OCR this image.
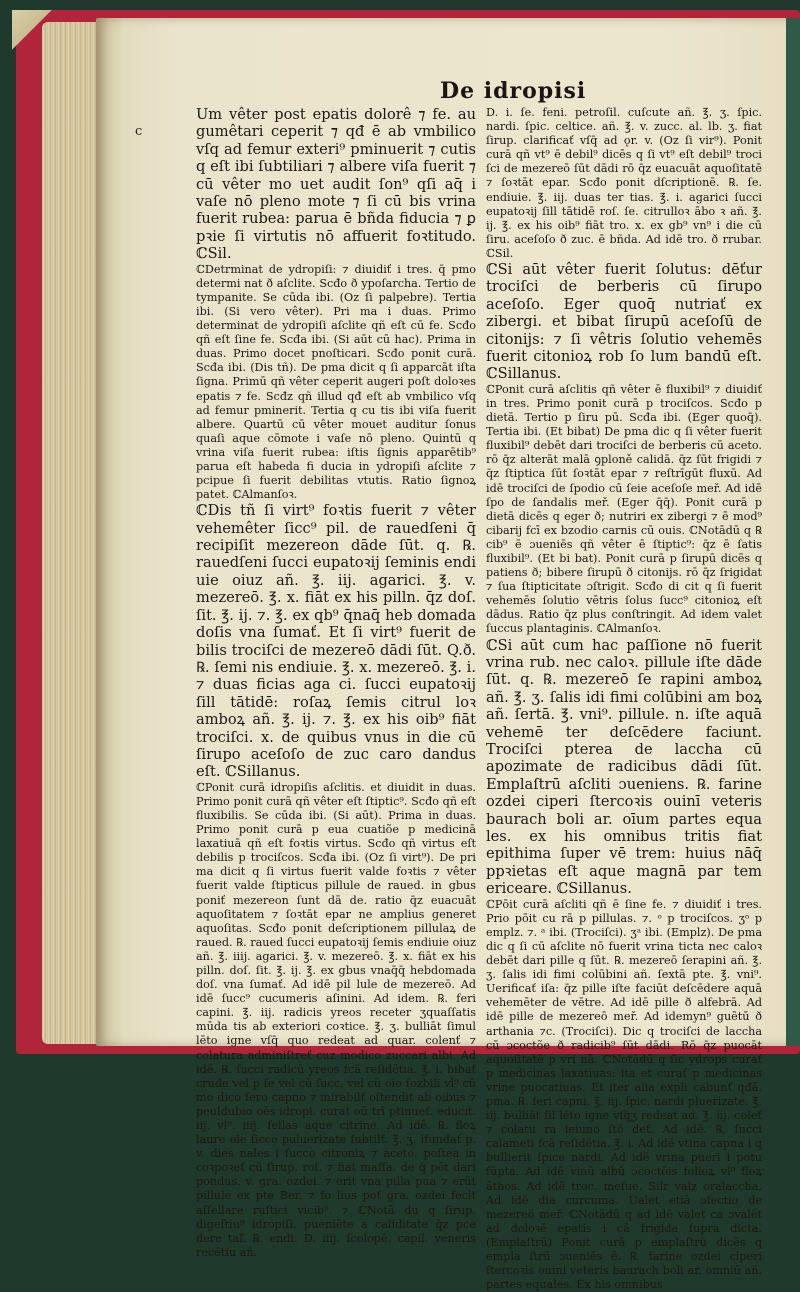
De idropisi
c

Um vêter post epatis dolorê ⁊ fe. au gumêtari ceperit ⁊ qđ ē ab vmbilico vſq ad femur exteri⁹ pminuerit ⁊ cutis q eſt ibi ſubtiliari ⁊ albere viſa fuerit ⁊ cū vêter mo uet audit ſon⁹ qſi aq̄ i vaſe nō pleno mote ⁊ ſi cū bis vrina fuerit rubea: parua ē bñda fiducia ⁊ ꝑ pꝛie ſi virtutis nō affuerit foꝛtitudo. ℂSil.

ℂDetrminat de ydropiſi: ⁊ diuidiť i tres. q̄ pmo determi nat ð aſclite. Scđo ð ypoſarcha. Tertio de tympanite. Se cūda ibi. (Oz ſi palpebre). Tertia ibi. (Si vero vêter). Pri ma i duas. Primo determinat de ydropiſi aſclite qñ eſt cū fe. Scđo qñ eſt ſine fe. Scđa ibi. (Si aūt cū hac). Prima in duas. Primo docet pnoſticari. Scđo ponit curā. Scđa ibi. (Dis tñ). De pma dicit q ſi apparcāt iſta ſigna. Primū qñ vêter ceperit augeri poſt doloꝛes epatis ⁊ fe. Scđz qñ illud qđ eſt ab vmbilico vſq ad femur pminerit. Tertia q cu tis ibi viſa fuerit albere. Quartū cū vêter mouet auditur ſonus quaſi aque cōmote i vaſe nō pleno. Quintū q vrina viſa fuerit rubea: iſtis ſignis apparētib⁹ parua eſt habeda fi ducia in ydropiſi aſclite ⁊ pcipue ſi fuerit debilitas vtutis. Ratio ſignoꝝ patet. ℂAlmanſoꝛ.

ℂDis tñ ſi virt⁹ foꝛtis fuerit ⁊ vêter vehemêter ſicc⁹ pil. de rauedſeni q̄ recipiſit mezereon dāde ſūt. q. ℞. rauedſeni ſucci eupatoꝛij ſeminis endi uie oiuz añ. ℥. iij. agarici. ℥. v. mezereō. ℥. x. fiāt ex his pilln. q̄z doſ. ſit. ℥. ij. ⁊. ℥. ex qb⁹ q̄naq̄ heb domada doſis vna ſumať. Et ſi virt⁹ fuerit de bilis trociſci de mezereō dādi ſūt. Q.ð. ℞. ſemi nis endiuie. ℥. x. mezereō. ℥. i. ⁊ duas ficias aga ci. ſucci eupatoꝛij ſill tātidē: roſaꝝ ſemis citrul loꝛ amboꝝ añ. ℥. ij. ⁊. ℥. ex his oib⁹ fiāt trociſci. x. de quibus vnus in die cū ſirupo aceſoſo de zuc caro dandus eſt. ℂSillanus.

ℂPonit curā idropiſis aſclitis. et diuidit in duas. Primo ponit curā qñ vêter eſt ſtiptic⁹. Scđo qñ eſt fluxibilis. Se cūda ibi. (Si aūt). Prima in duas. Primo ponit curā p eua cuatiõe p medicinā laxatiuā qñ eſt foꝛtis virtus. Scđo qñ virtus eſt debilis p trociſcos. Scđa ibi. (Oz ſi virt⁹). De pri ma dicit q ſi virtus fuerit valde foꝛtis ⁊ vêter fuerit valde ſtipticus pillule de raued. in gbus poniť mezereon ſunt dā de. ratio q̄z euacuāt aquoſitatem ⁊ ſoꝛtāt epar ne amplius generet aquoſitas. Scđo ponit deſcriptionem pillulaꝝ de raued. ℞. raued ſucci eupatoꝛij ſemis endiuie oiuz añ. ℥. iiij. agarici. ℥. v. mezereō. ℥. x. fiāt ex his pilln. doſ. ſit. ℥. ij. ℥. ex gbus vnaq̄q̄ hebdomada doſ. vna ſumať. Ad idē pil lule de mezereō. Ad idē ſucc⁹ cucumeris aſinini. Ad idem. ℞. feri capini. ℥. iij. radicis yreos receter ʒquaſſatis mūda tis ab exteriori coꝛtice. ℥. ʒ. bulliāt ſimul lēto igne vſq̄ quo redeat ad quar. colenť ⁊ colatura adminiſtreť cuz modico zuccari albi. Ad idē. ℞. ſucci radicū yreos fcā reſidētia. ℥. i. bibať crude vel p ſe vel cū ſucc. vel cū oio ſozbili vl⁹ cū mo dico ſero capno ⁊ mirabilť oſtendit ab oibus ⁊ peuldubio oēs idropi. curat oū trī ptinueť. educit. iij. vl⁹. iiij. fellas aque citrine. Ad idē. ℞. floꝝ laure ole ſicce puluerizate ſubtilť. ℥. ʒ. ifundať p. v. dies nales i ſucco citroniꝝ ⁊ aceto. poſtea in coꝛpoꝛeť cū ſirup. roſ. ⁊ fiat maſſa. de q̄ pōt dari pondus. v. gra. ozdei. ⁊ erit vna pilla pua ⁊ erūt pillule ex pte Ber. ⁊ fo lius poť gra. ozdei fecit aſſellare ruſtici vicib⁹. ⁊ ℂNotā du q ſirup. digeſtiu⁹ idropiſi. pueniēte a caliditate q̄z pce dere taľ. ℞. endi. D. iiij. ſcolopē. capil. veneris recētiu añ.

D. i. ſe. feni. petroſil. cuſcute añ. ℥. ʒ. ſpic. nardi. ſpic. celtice. añ. ℥. v. zucc. al. lb. ʒ. fiat ſirup. clarificať vſq̄ ad ǫr. v. (Oz ſi vir⁹). Ponit curā qñ vt⁹ ē debil⁹ dicēs q ſi vt⁹ eſt debil⁹ troci ſci de mezereō ſūt dādi rō q̄z euacuāt aquoſitatē ⁊ ſoꝛtāt epar. Scđo ponit dſcriptionē. ℞. ſe. endiuie. ℥. iij. duas ter tias. ℥. i. agarici ſucci eupatoꝛij ſill tātidē roſ. ſe. citrulloꝛ ābo ꝛ añ. ℥. ij. ℥. ex his oib⁹ fiāt tro. x. ex gb⁹ vn⁹ i die cū ſiru. aceſoſo ð zuc. ē bñda. Ad idē tro. ð rrubar. ℂSil.

ℂSi aūt vêter fuerit ſolutus: dēťur trociſci de berberis cū ſirupo aceſoſo. Eger quoq̄ nutriať ex zibergi. et bibat ſirupū aceſoſū de citonijs: ⁊ ſi vêtris ſolutio vehemēs fuerit citonioꝝ rob ſo lum bandū eſt. ℂSillanus.

ℂPonit curā aſclitis qñ vêter ē fluxibil⁹ ⁊ diuidiť in tres. Primo ponit curā p trociſcos. Scđo p dietā. Tertio p ſiru pū. Scđa ibi. (Eger quoq̄). Tertia ibi. (Et bibat) De pma dic q ſi vêter fuerit fluxibil⁹ debēt dari trociſci de berberis cū aceto. rō q̄z alterāt malā ꝯploně calidā. q̄z ſūt frigidi ⁊ q̄z ſtiptica ſūt ſoꝛtāt epar ⁊ reſtrīgūt fluxū. Ad idē trociſci de ſpodio cū ſeie aceſoſe meř. Ad idē ſpo de ſandalis meř. (Eger q̄q̄). Ponit curā p dietā dicēs q eger ð; nutriri ex zibergi ⁊ ē mod⁹ cibarij fcī ex bzodio carnis cū ouis. ℂNotādū q ℞ cib⁹ ē ɔueniēs qñ vêter ē ſtiptic⁹: q̄z ē ſatis fluxibil⁹. (Et bi bat). Ponit curā p ſirupū dicēs q patiens ð; bibere ſirupū ð citonijs. rō q̄z ſrigidat ⁊ ſua ſtipticitate ɔſtrigit. Scđo di cit q ſi fuerit vehemēs ſolutio vētris ſolus ſucc⁹ citonioꝝ eſt dādus. Ratio q̄z plus conſtringit. Ad idem valet ſuccus plantaginis. ℂAlmanſoꝛ.

ℂSi aūt cum hac paſſione nō fuerit vrina rub. nec caloꝛ. pillule iſte dāde ſūt. q. ℞. mezereō ſe rapini amboꝝ añ. ℥. ʒ. ſalis idi fimi colūbini am boꝝ añ. ſertā. ℥. vni⁹. pillule. n. iſte aquā vehemē ter deſcēdere faciunt. Trociſci pterea de laccha cū apozimate de radicibus dādi ſūt. Emplaſtrū aſcliti ɔueniens. ℞. farine ozdei ciperi ſtercoꝛis ouinī veteris baurach boli ar. oīum partes equa les. ex his omnibus tritis fiat epithima ſuper vē trem: huius nāq̄ ppꝛietas eſt aque magnā par tem ericeare. ℂSillanus.

ℂPōit curā aſcliti qñ ē ſine fe. ⁊ diuidiť i tres. Prio pōit cu rā p pillulas. ⁊. ᵒ p trociſcos. ʒᵒ p emplz. ⁊. ᵃ ibi. (Trociſci). ʒᵃ ibi. (Emplz). De pma dic q ſi cū aſclite nō fuerit vrina ticta nec caloꝛ debēt dari pille q ſūt. ℞. mezereō ſerapini añ. ℥. ʒ. ſalis idi fimi colūbini añ. ſextā pte. ℥. vni⁹. Uerificať iſa: q̄z pille iſte faciūt deſcēdere aquā vehemēter de vētre. Ad idē pille ð alfebrā. Ad idē pille de mezereō meř. Ad idemyn⁹ guētū ð arthania ⁊c. (Trociſci). Dic q trociſci de laccha cū ɔcoctõe ð radicib⁹ ſūt dādi. Rō q̄z puocāt aquoſitatē p vri nā. ℂNotādū q ſic ydrops curať p medicinas laxatiuas: ita et curať p medicinas vrine puocatiuas. Et iter alia expli cabunť qđā. pma. ℞. feri capni. ℥. iij. ſpic. nardi pluerizate. ℥. iij. bulliāt ſil lēto igne vſq̄ʒ redeat ad. ℥. iij. coleť ⁊ colatu ra ieiuno ſtō deť. Ad idē. ℞. ſucci calameti fcā reſidētia. ℥. i. Ad idē vtina capna i q bullierit ſpice nardi. Ad idē vrina pueri i potu ſūpta. Ad idē vinū albū ɔcoctõis folioꝝ vl⁹ floꝝ āthos. Ad idē troc. meſue. Silr valz oralaccha. Ad idē dia curcuma. Ualet etiā ɔfectio de mezereō meř. ℂNotādū q ad idē valet ca ɔvalēt ad doloꝛē epatis i cā frigida ſupra dicta. (Emplaſtrū) Ponit curā p emplaſtrū dicēs q empla ſtrū ɔueniēs ē. ℞. farine ozdei ciperi ſtercoꝛis ouini veteris baurach boli ar. omniū añ. partes equales. Ex his omnibus
